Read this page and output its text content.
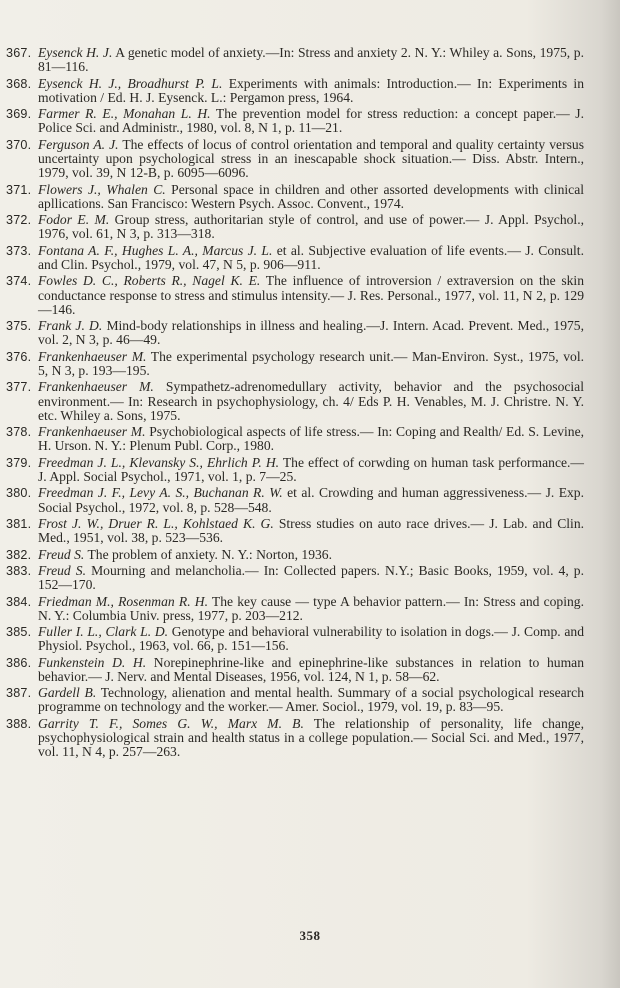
367. Eysenck H. J. A genetic model of anxiety.—In: Stress and anxiety 2. N. Y.: Whiley a. Sons, 1975, p. 81—116.
368. Eysenck H. J., Broadhurst P. L. Experiments with animals: Introduction.— In: Experiments in motivation / Ed. H. J. Eysenck. L.: Pergamon press, 1964.
369. Farmer R. E., Monahan L. H. The prevention model for stress reduction: a concept paper.— J. Police Sci. and Administr., 1980, vol. 8, N 1, p. 11—21.
370. Ferguson A. J. The effects of locus of control orientation and temporal and quality certainty versus uncertainty upon psychological stress in an inescapable shock situation.— Diss. Abstr. Intern., 1979, vol. 39, N 12-B, p. 6095—6096.
371. Flowers J., Whalen C. Personal space in children and other assorted developments with clinical apllications. San Francisco: Western Psych. Assoc. Convent., 1974.
372. Fodor E. M. Group stress, authoritarian style of control, and use of power.— J. Appl. Psychol., 1976, vol. 61, N 3, p. 313—318.
373. Fontana A. F., Hughes L. A., Marcus J. L. et al. Subjective evaluation of life events.— J. Consult. and Clin. Psychol., 1979, vol. 47, N 5, p. 906—911.
374. Fowles D. C., Roberts R., Nagel K. E. The influence of introversion / extraversion on the skin conductance response to stress and stimulus intensity.— J. Res. Personal., 1977, vol. 11, N 2, p. 129—146.
375. Frank J. D. Mind-body relationships in illness and healing.—J. Intern. Acad. Prevent. Med., 1975, vol. 2, N 3, p. 46—49.
376. Frankenhaeuser M. The experimental psychology research unit.— Man-Environ. Syst., 1975, vol. 5, N 3, p. 193—195.
377. Frankenhaeuser M. Sympathetz-adrenomedullary activity, behavior and the psychosocial environment.— In: Research in psychophysiology, ch. 4/ Eds P. H. Venables, M. J. Christre. N. Y. etc. Whiley a. Sons, 1975.
378. Frankenhaeuser M. Psychobiological aspects of life stress.— In: Coping and Realth/ Ed. S. Levine, H. Urson. N. Y.: Plenum Publ. Corp., 1980.
379. Freedman J. L., Klevansky S., Ehrlich P. H. The effect of corwding on human task performance.— J. Appl. Social Psychol., 1971, vol. 1, p. 7—25.
380. Freedman J. F., Levy A. S., Buchanan R. W. et al. Crowding and human aggressiveness.— J. Exp. Social Psychol., 1972, vol. 8, p. 528—548.
381. Frost J. W., Druer R. L., Kohlstaed K. G. Stress studies on auto race drives.— J. Lab. and Clin. Med., 1951, vol. 38, p. 523—536.
382. Freud S. The problem of anxiety. N. Y.: Norton, 1936.
383. Freud S. Mourning and melancholia.— In: Collected papers. N.Y.; Basic Books, 1959, vol. 4, p. 152—170.
384. Friedman M., Rosenman R. H. The key cause — type A behavior pattern.— In: Stress and coping. N. Y.: Columbia Univ. press, 1977, p. 203—212.
385. Fuller I. L., Clark L. D. Genotype and behavioral vulnerability to isolation in dogs.— J. Comp. and Physiol. Psychol., 1963, vol. 66, p. 151—156.
386. Funkenstein D. H. Norepinephrine-like and epinephrine-like substances in relation to human behavior.— J. Nerv. and Mental Diseases, 1956, vol. 124, N 1, p. 58—62.
387. Gardell B. Technology, alienation and mental health. Summary of a social psychological research programme on technology and the worker.— Amer. Sociol., 1979, vol. 19, p. 83—95.
388. Garrity T. F., Somes G. W., Marx M. B. The relationship of personality, life change, psychophysiological strain and health status in a college population.— Social Sci. and Med., 1977, vol. 11, N 4, p. 257—263.
358
